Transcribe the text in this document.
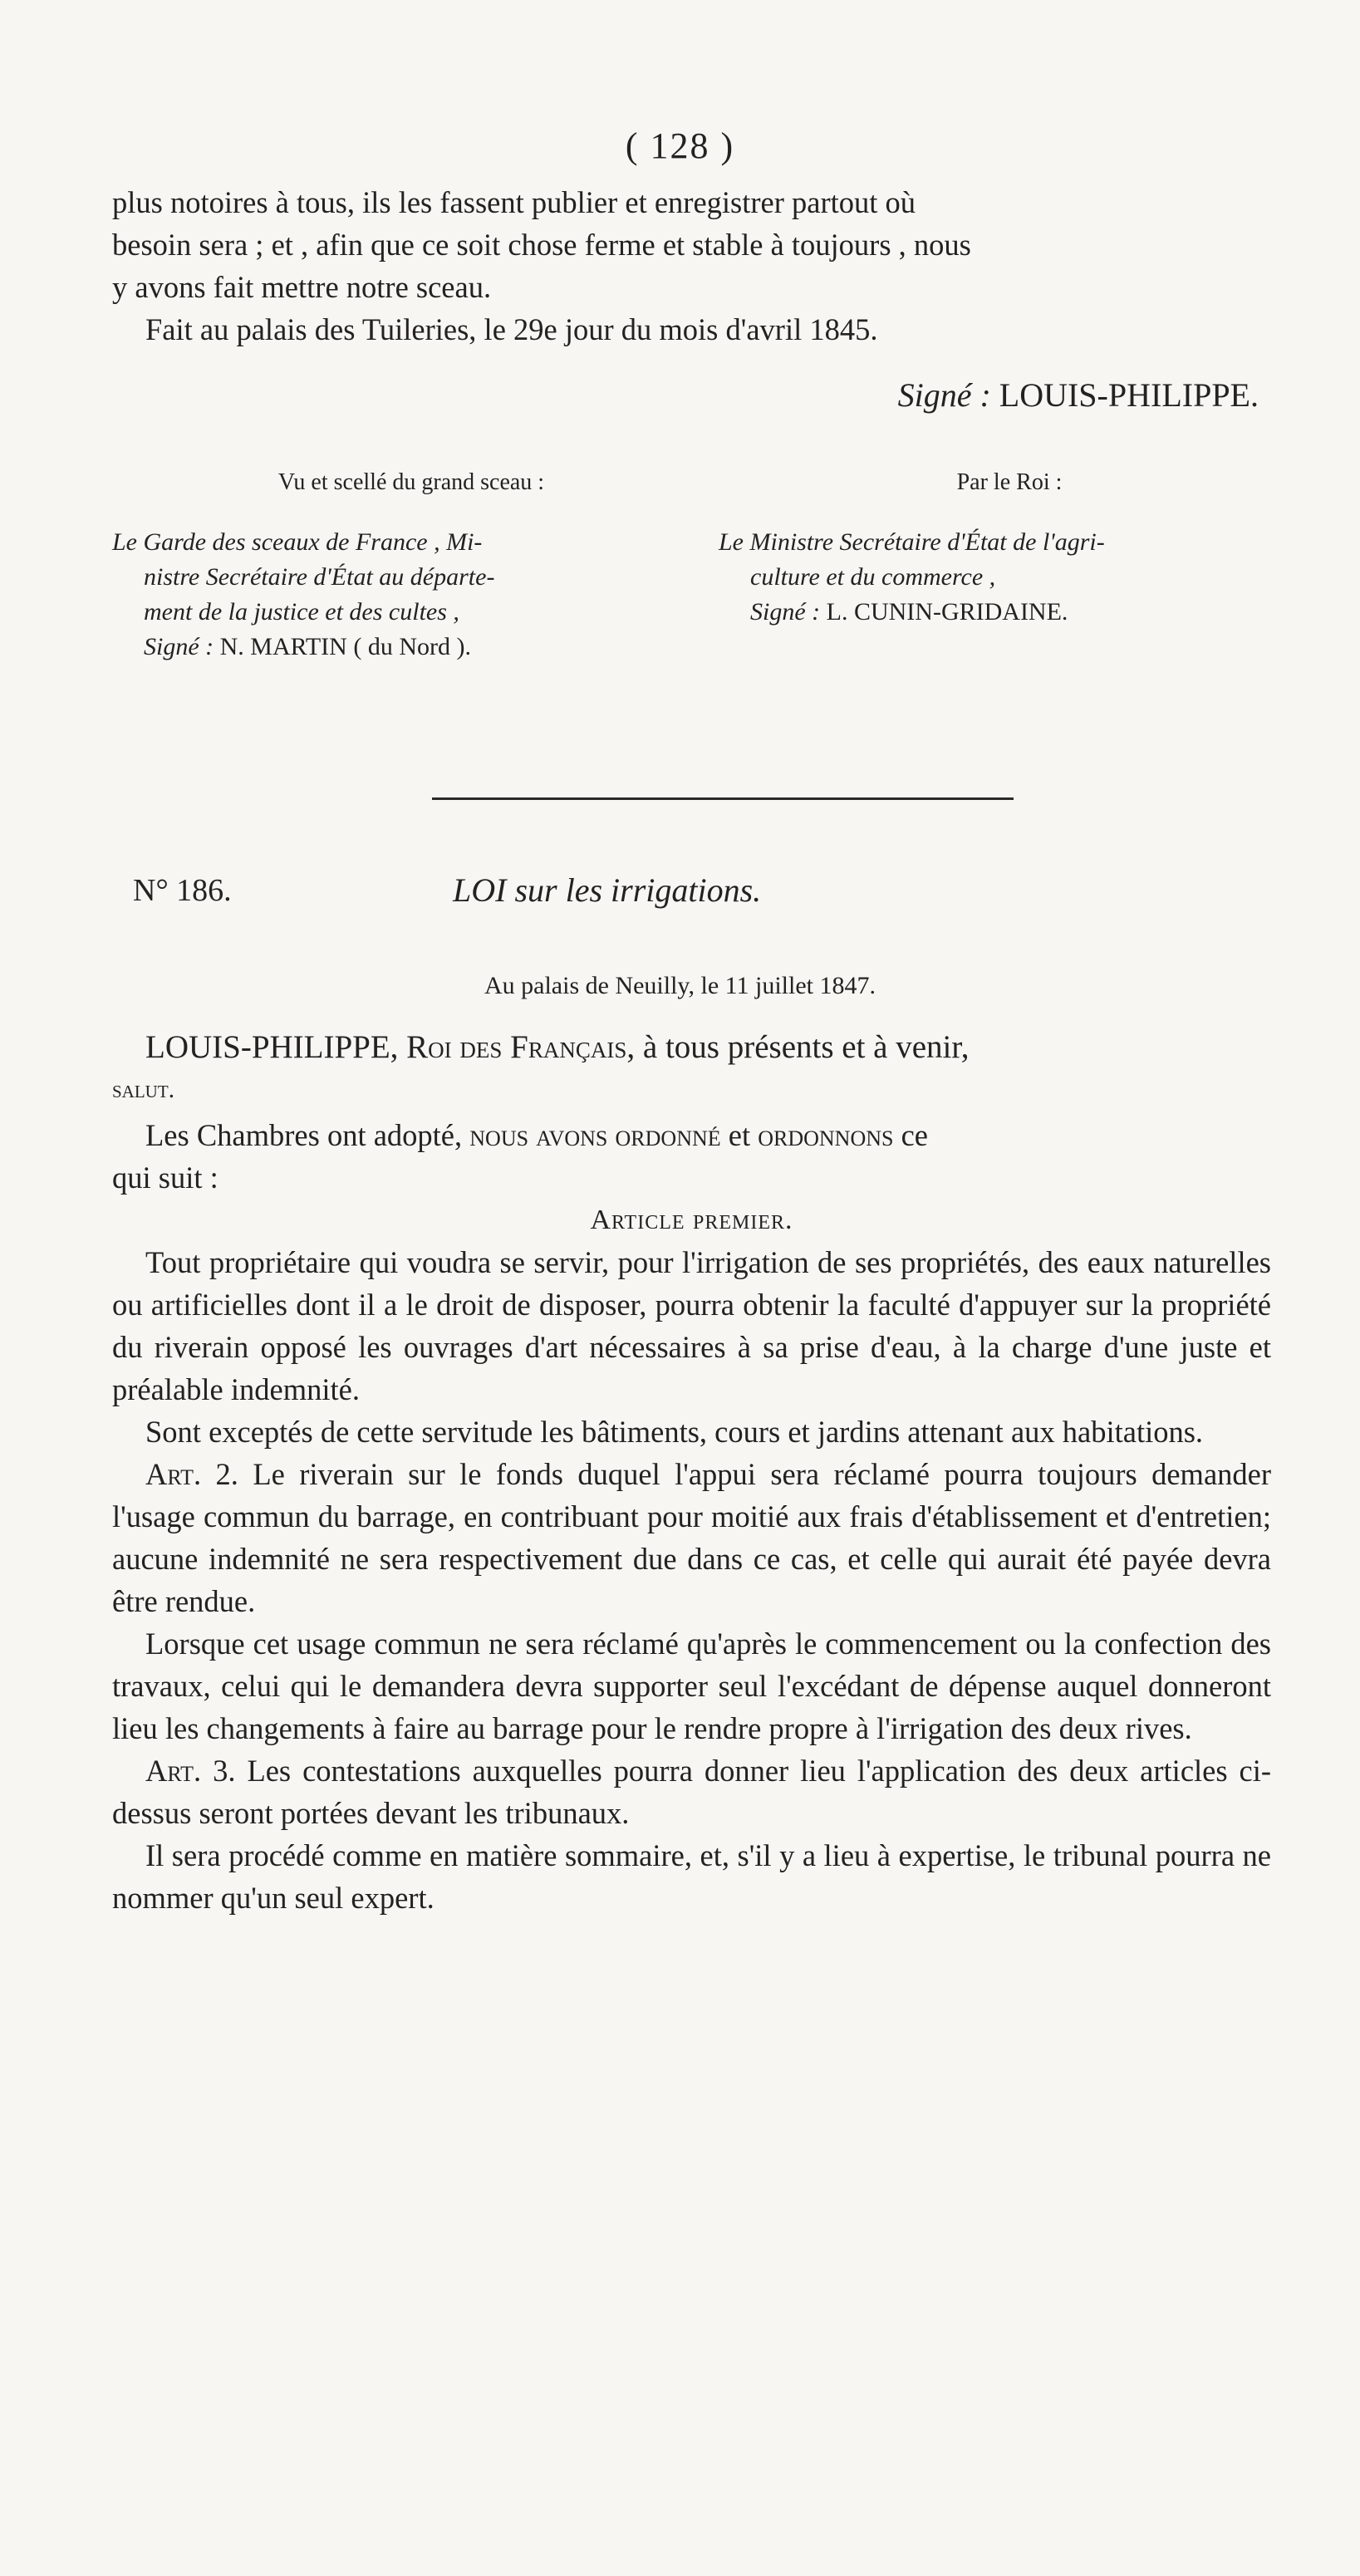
( 128 )

plus notoires à tous, ils les fassent publier et enregistrer partout où

besoin sera ; et , afin que ce soit chose ferme et stable à toujours , nous

y avons fait mettre notre sceau.

Fait au palais des Tuileries, le 29e jour du mois d'avril 1845.

Signé : LOUIS-PHILIPPE.
Vu et scellé du grand sceau :
Le Garde des sceaux de France , Mi-
nistre Secrétaire d'État au départe-
ment de la justice et des cultes ,
Signé : N. MARTIN ( du Nord ).
Par le Roi :
Le Ministre Secrétaire d'État de l'agri-
culture et du commerce ,
Signé : L. CUNIN-GRIDAINE.
N° 186.	LOI sur les irrigations.
Au palais de Neuilly, le 11 juillet 1847.

LOUIS-PHILIPPE, Roi des Français, à tous présents et à venir,

salut.

Les Chambres ont adopté, nous avons ordonné et ordonnons ce

qui suit :

Article premier.

Tout propriétaire qui voudra se servir, pour l'irrigation de ses propriétés, des eaux naturelles ou artificielles dont il a le droit de disposer, pourra obtenir la faculté d'appuyer sur la propriété du riverain opposé les ouvrages d'art nécessaires à sa prise d'eau, à la charge d'une juste et préalable indemnité.

Sont exceptés de cette servitude les bâtiments, cours et jardins attenant aux habitations.

Art. 2. Le riverain sur le fonds duquel l'appui sera réclamé pourra toujours demander l'usage commun du barrage, en contribuant pour moitié aux frais d'établissement et d'entretien; aucune indemnité ne sera respectivement due dans ce cas, et celle qui aurait été payée devra être rendue.

Lorsque cet usage commun ne sera réclamé qu'après le commencement ou la confection des travaux, celui qui le demandera devra supporter seul l'excédant de dépense auquel donneront lieu les changements à faire au barrage pour le rendre propre à l'irrigation des deux rives.

Art. 3. Les contestations auxquelles pourra donner lieu l'application des deux articles ci-dessus seront portées devant les tribunaux.

Il sera procédé comme en matière sommaire, et, s'il y a lieu à expertise, le tribunal pourra ne nommer qu'un seul expert.
